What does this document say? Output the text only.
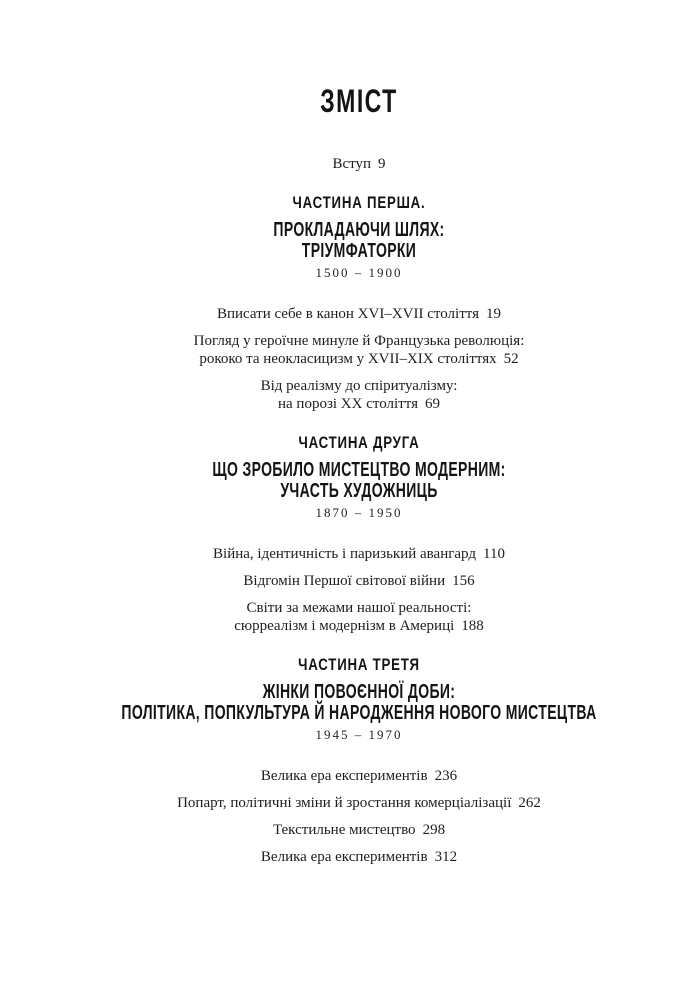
ЗМІСТ
Вступ 9
ЧАСТИНА ПЕРША.
ПРОКЛАДАЮЧИ ШЛЯХ:
ТРІУМФАТОРКИ
1500 – 1900
Вписати себе в канон XVI–XVII століття 19
Погляд у героїчне минуле й Французька революція:
рококо та неокласицизм у XVII–XIX століттях 52
Від реалізму до спіритуалізму:
на порозі XX століття 69
ЧАСТИНА ДРУГА
ЩО ЗРОБИЛО МИСТЕЦТВО МОДЕРНИМ:
УЧАСТЬ ХУДОЖНИЦЬ
1870 – 1950
Війна, ідентичність і паризький авангард 110
Відгомін Першої світової війни 156
Світи за межами нашої реальності:
сюрреалізм і модернізм в Америці 188
ЧАСТИНА ТРЕТЯ
ЖІНКИ ПОВОЄННОЇ ДОБИ:
ПОЛІТИКА, ПОПКУЛЬТУРА Й НАРОДЖЕННЯ НОВОГО МИСТЕЦТВА
1945 – 1970
Велика ера експериментів 236
Попарт, політичні зміни й зростання комерціалізації 262
Текстильне мистецтво 298
Велика ера експериментів 312
